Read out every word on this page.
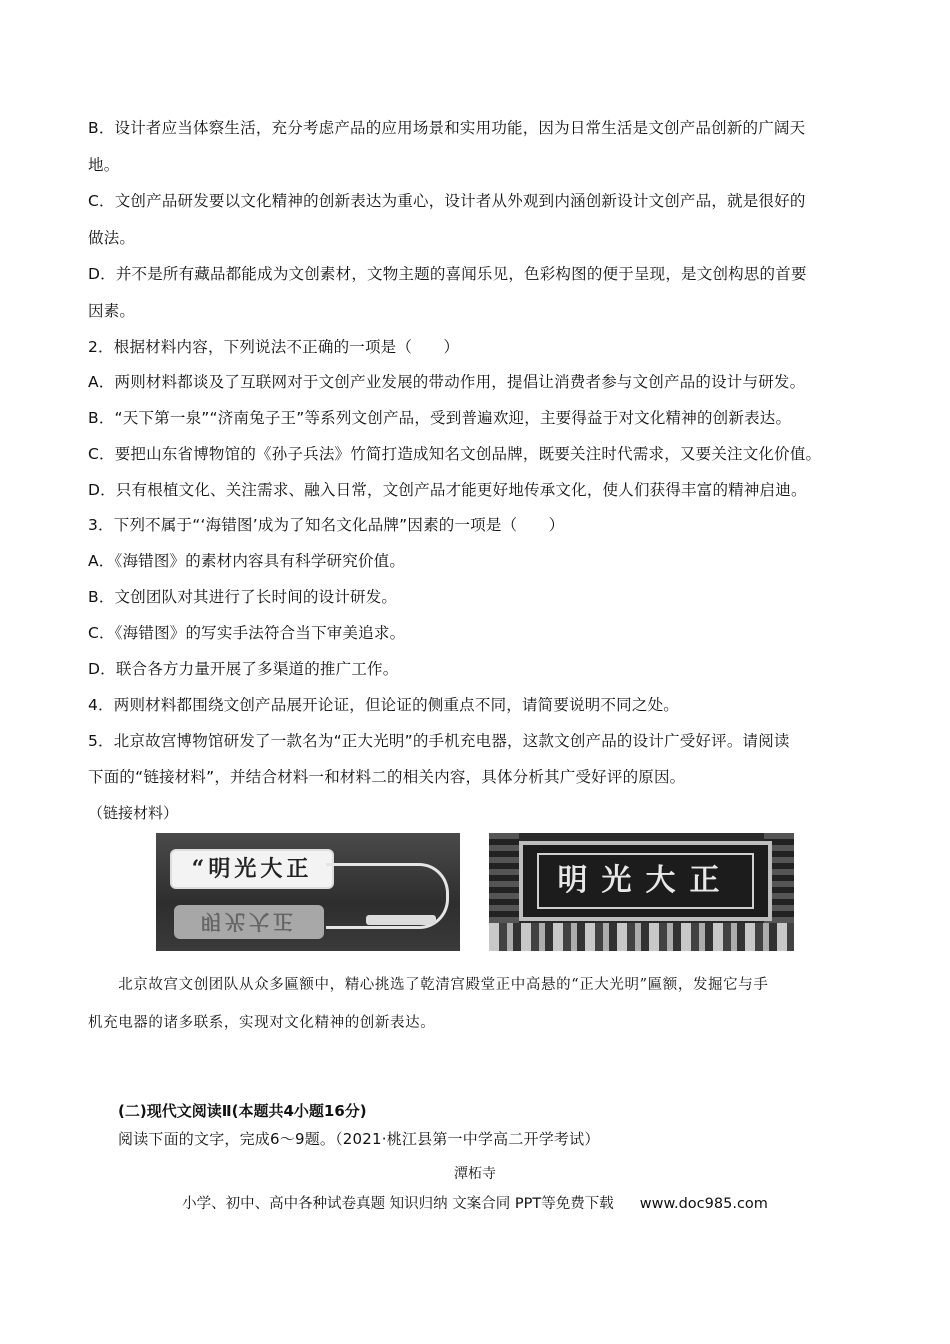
B．设计者应当体察生活，充分考虑产品的应用场景和实用功能，因为日常生活是文创产品创新的广阔天
地。
C．文创产品研发要以文化精神的创新表达为重心，设计者从外观到内涵创新设计文创产品，就是很好的
做法。
D．并不是所有藏品都能成为文创素材，文物主题的喜闻乐见，色彩构图的便于呈现，是文创构思的首要
因素。
2．根据材料内容，下列说法不正确的一项是（　　）
A．两则材料都谈及了互联网对于文创产业发展的带动作用，提倡让消费者参与文创产品的设计与研发。
B．“天下第一泉”“济南兔子王”等系列文创产品，受到普遍欢迎，主要得益于对文化精神的创新表达。
C．要把山东省博物馆的《孙子兵法》竹简打造成知名文创品牌，既要关注时代需求，又要关注文化价值。
D．只有根植文化、关注需求、融入日常，文创产品才能更好地传承文化，使人们获得丰富的精神启迪。
3．下列不属于“‘海错图’成为了知名文化品牌”因素的一项是（　　）
A．《海错图》的素材内容具有科学研究价值。
B．文创团队对其进行了长时间的设计研发。
C．《海错图》的写实手法符合当下审美追求。
D．联合各方力量开展了多渠道的推广工作。
4．两则材料都围绕文创产品展开论证，但论证的侧重点不同，请简要说明不同之处。
5．北京故宫博物馆研发了一款名为“正大光明”的手机充电器，这款文创产品的设计广受好评。请阅读
下面的“链接材料”，并结合材料一和材料二的相关内容，具体分析其广受好评的原因。
（链接材料）
“明光大正
明光大正
明光大正
　　北京故宫文创团队从众多匾额中，精心挑选了乾清宫殿堂正中高悬的“正大光明”匾额，发掘它与手
机充电器的诸多联系，实现对文化精神的创新表达。
(二)现代文阅读Ⅱ(本题共4小题16分)
阅读下面的文字，完成6～9题。（2021·桃江县第一中学高二开学考试）
潭柘寺
小学、初中、高中各种试卷真题 知识归纳 文案合同 PPT等免费下载 www.doc985.com
